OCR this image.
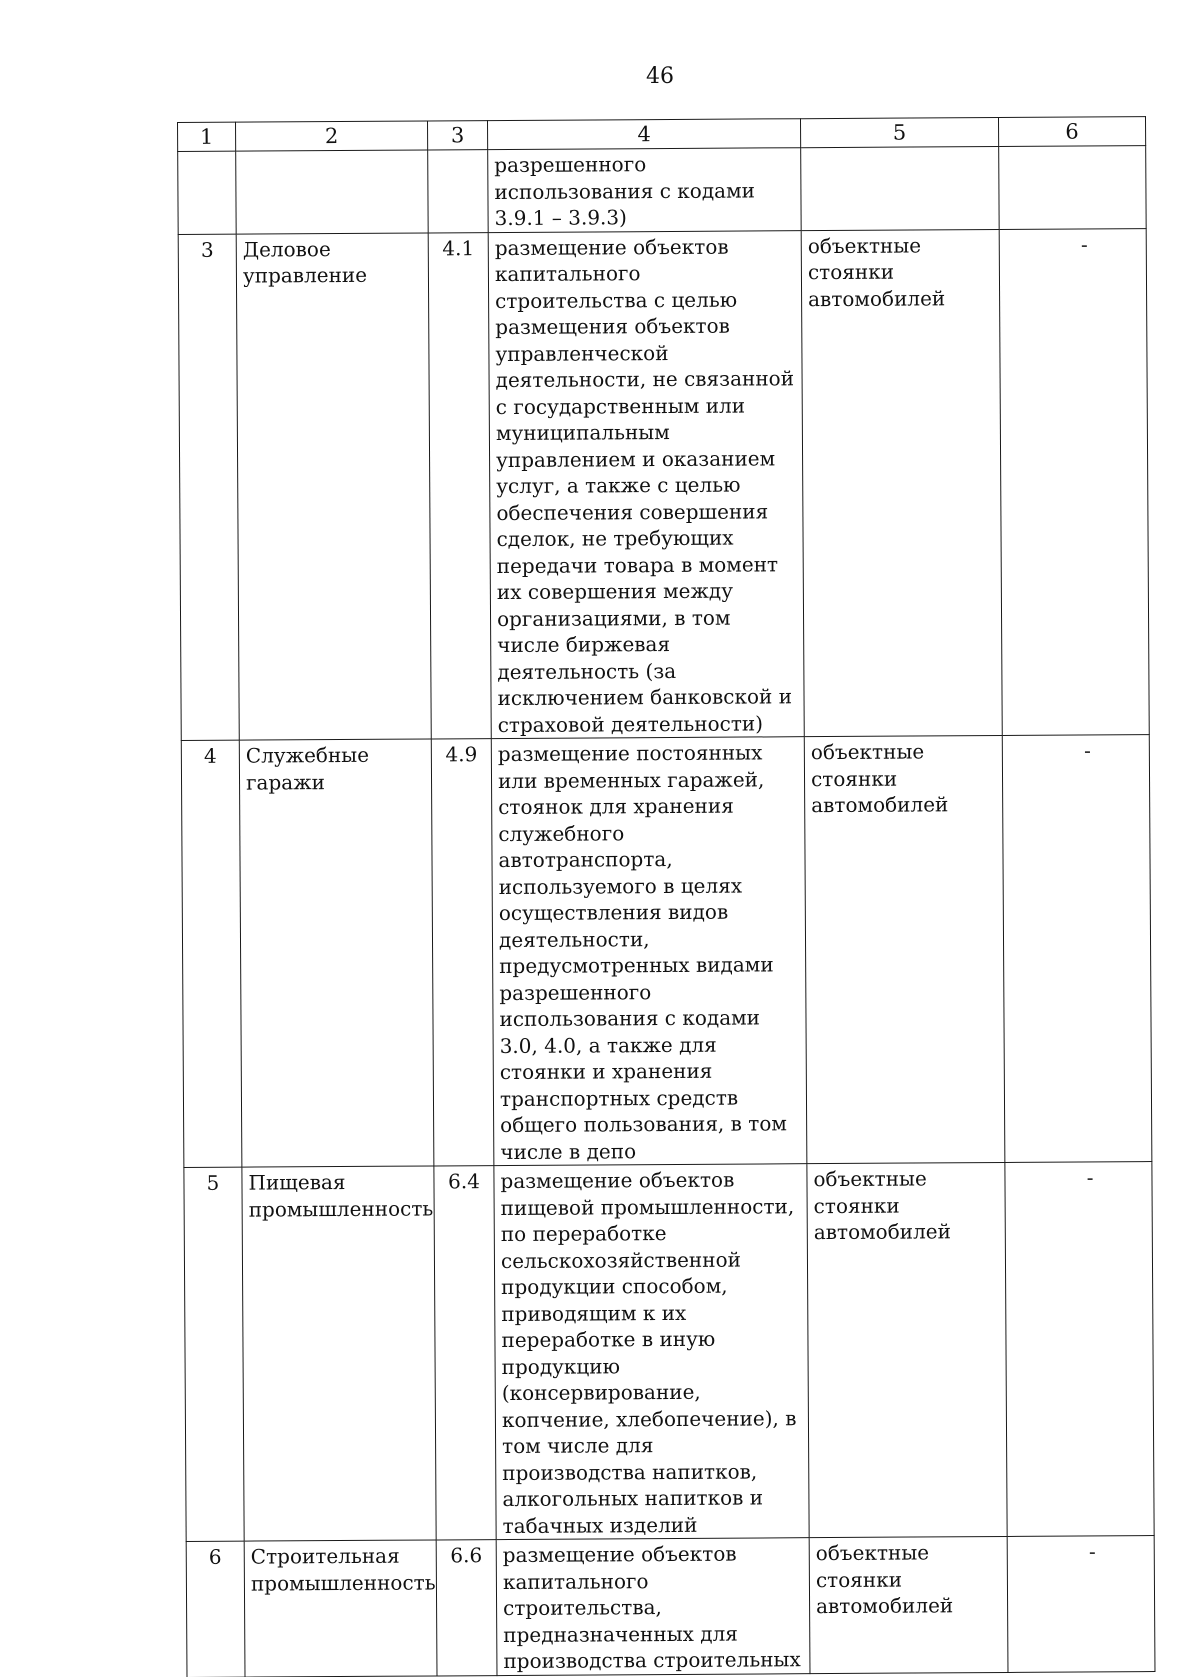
46
1	2	3	4	5	6

			разрешенного использования с кодами 3.9.1 – 3.9.3)		

3	Деловое управление	4.1	размещение объектов капитального строительства с целью размещения объектов управленческой деятельности, не связанной с государственным или муниципальным управлением и оказанием услуг, а также с целью обеспечения совершения сделок, не требующих передачи товара в момент их совершения между организациями, в том числе биржевая деятельность (за исключением банковской и страховой деятельности)	объектные стоянки автомобилей	-
4	Служебные гаражи	4.9	размещение постоянных или временных гаражей, стоянок для хранения служебного автотранспорта, используемого в целях осуществления видов деятельности, предусмотренных видами разрешенного использования с кодами 3.0, 4.0, а также для стоянки и хранения транспортных средств общего пользования, в том числе в депо	объектные стоянки автомобилей	-
5	Пищевая промышленность	6.4	размещение объектов пищевой промышленности, по переработке сельскохозяйственной продукции способом, приводящим к их переработке в иную продукцию (консервирование, копчение, хлебопечение), в том числе для производства напитков, алкогольных напитков и табачных изделий	объектные стоянки автомобилей	-
6	Строительная промышленность	6.6	размещение объектов капитального строительства, предназначенных для производства строительных	объектные стоянки автомобилей	-
